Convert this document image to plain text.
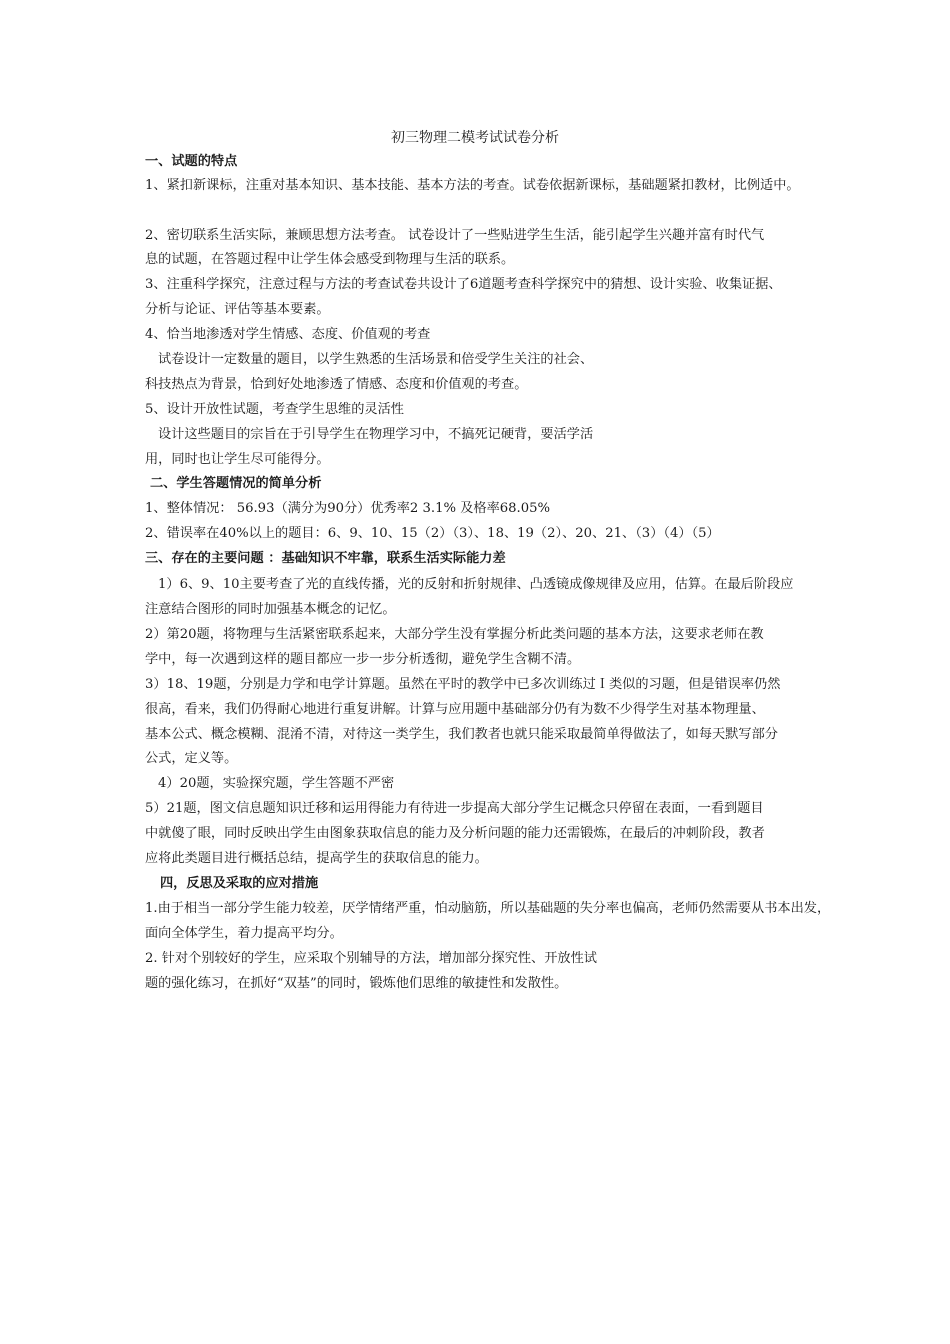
初三物理二模考试试卷分析
一、试题的特点
1、紧扣新课标，注重对基本知识、基本技能、基本方法的考查。试卷依据新课标，基础题紧扣教材，比例适中。
2、密切联系生活实际，兼顾思想方法考查。 试卷设计了一些贴进学生生活，能引起学生兴趣并富有时代气
息的试题，在答题过程中让学生体会感受到物理与生活的联系。
3、注重科学探究，注意过程与方法的考查试卷共设计了6道题考查科学探究中的猜想、设计实验、收集证据、
分析与论证、评估等基本要素。
4、恰当地渗透对学生情感、态度、价值观的考查
试卷设计一定数量的题目，以学生熟悉的生活场景和倍受学生关注的社会、
科技热点为背景，恰到好处地渗透了情感、态度和价值观的考查。
5、设计开放性试题，考查学生思维的灵活性
设计这些题目的宗旨在于引导学生在物理学习中，不搞死记硬背，要活学活
用，同时也让学生尽可能得分。
二、学生答题情况的简单分析
1、整体情况： 56.93（满分为90分）优秀率2 3.1% 及格率68.05%
2、错误率在40%以上的题目：6、9、10、15（2）（3）、18、19（2）、20、21、（3）（4）（5）
三、存在的主要问题 ：基础知识不牢靠，联系生活实际能力差
1）6、9、10主要考查了光的直线传播，光的反射和折射规律、凸透镜成像规律及应用，估算。在最后阶段应
注意结合图形的同时加强基本概念的记忆。
2）第20题，将物理与生活紧密联系起来，大部分学生没有掌握分析此类问题的基本方法，这要求老师在教
学中，每一次遇到这样的题目都应一步一步分析透彻，避免学生含糊不清。
3）18、19题，分别是力学和电学计算题。虽然在平时的教学中已多次训练过Ｉ类似的习题，但是错误率仍然
很高，看来，我们仍得耐心地进行重复讲解。计算与应用题中基础部分仍有为数不少得学生对基本物理量、
基本公式、概念模糊、混淆不清，对待这一类学生，我们教者也就只能采取最简单得做法了，如每天默写部分
公式，定义等。
4）20题，实验探究题，学生答题不严密
5）21题，图文信息题知识迁移和运用得能力有待进一步提高大部分学生记概念只停留在表面，一看到题目
中就傻了眼，同时反映出学生由图象获取信息的能力及分析问题的能力还需锻炼，在最后的冲刺阶段，教者
应将此类题目进行概括总结，提高学生的获取信息的能力。
四，反思及采取的应对措施
1.由于相当一部分学生能力较差，厌学情绪严重，怕动脑筋，所以基础题的失分率也偏高，老师仍然需要从书本出发，
面向全体学生，着力提高平均分。
2. 针对个别较好的学生，应采取个别辅导的方法，增加部分探究性、开放性试
题的强化练习，在抓好“双基”的同时，锻炼他们思维的敏捷性和发散性。
